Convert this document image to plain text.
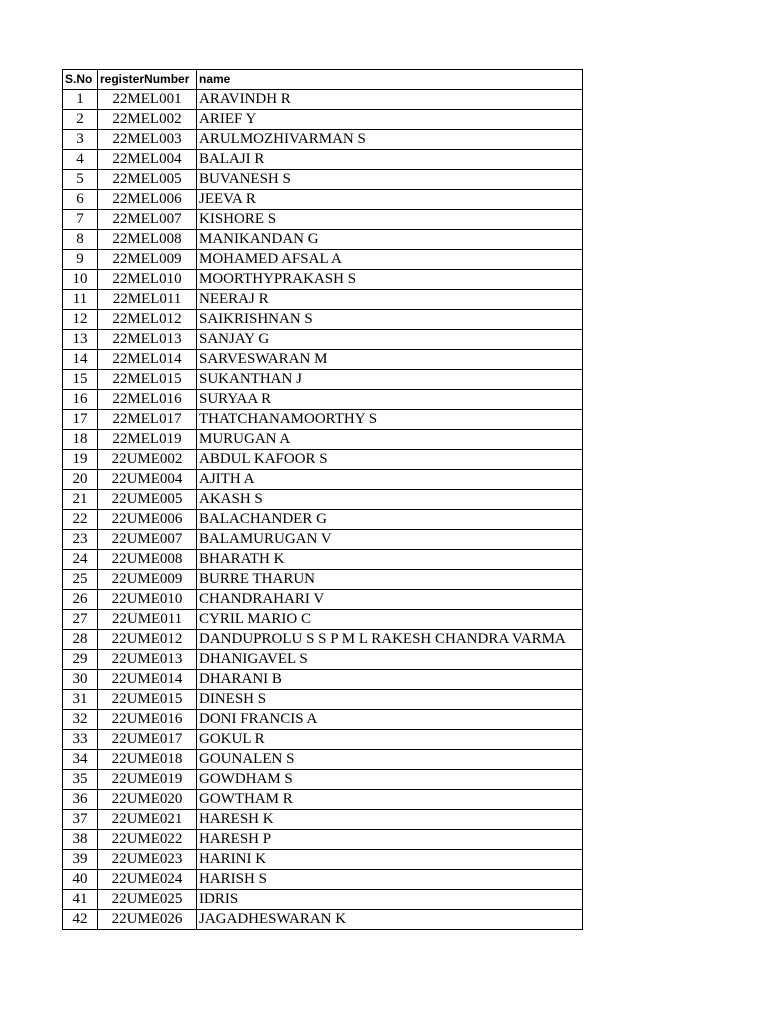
S.No	registerNumber	name
1	22MEL001	ARAVINDH R
2	22MEL002	ARIEF Y
3	22MEL003	ARULMOZHIVARMAN S
4	22MEL004	BALAJI R
5	22MEL005	BUVANESH S
6	22MEL006	JEEVA R
7	22MEL007	KISHORE S
8	22MEL008	MANIKANDAN G
9	22MEL009	MOHAMED AFSAL A
10	22MEL010	MOORTHYPRAKASH S
11	22MEL011	NEERAJ R
12	22MEL012	SAIKRISHNAN S
13	22MEL013	SANJAY G
14	22MEL014	SARVESWARAN M
15	22MEL015	SUKANTHAN J
16	22MEL016	SURYAA R
17	22MEL017	THATCHANAMOORTHY S
18	22MEL019	MURUGAN A
19	22UME002	ABDUL KAFOOR S
20	22UME004	AJITH A
21	22UME005	AKASH S
22	22UME006	BALACHANDER G
23	22UME007	BALAMURUGAN V
24	22UME008	BHARATH K
25	22UME009	BURRE THARUN
26	22UME010	CHANDRAHARI V
27	22UME011	CYRIL MARIO C
28	22UME012	DANDUPROLU S S P M L RAKESH CHANDRA VARMA
29	22UME013	DHANIGAVEL S
30	22UME014	DHARANI B
31	22UME015	DINESH S
32	22UME016	DONI FRANCIS A
33	22UME017	GOKUL R
34	22UME018	GOUNALEN S
35	22UME019	GOWDHAM S
36	22UME020	GOWTHAM R
37	22UME021	HARESH K
38	22UME022	HARESH P
39	22UME023	HARINI K
40	22UME024	HARISH S
41	22UME025	IDRIS
42	22UME026	JAGADHESWARAN K
